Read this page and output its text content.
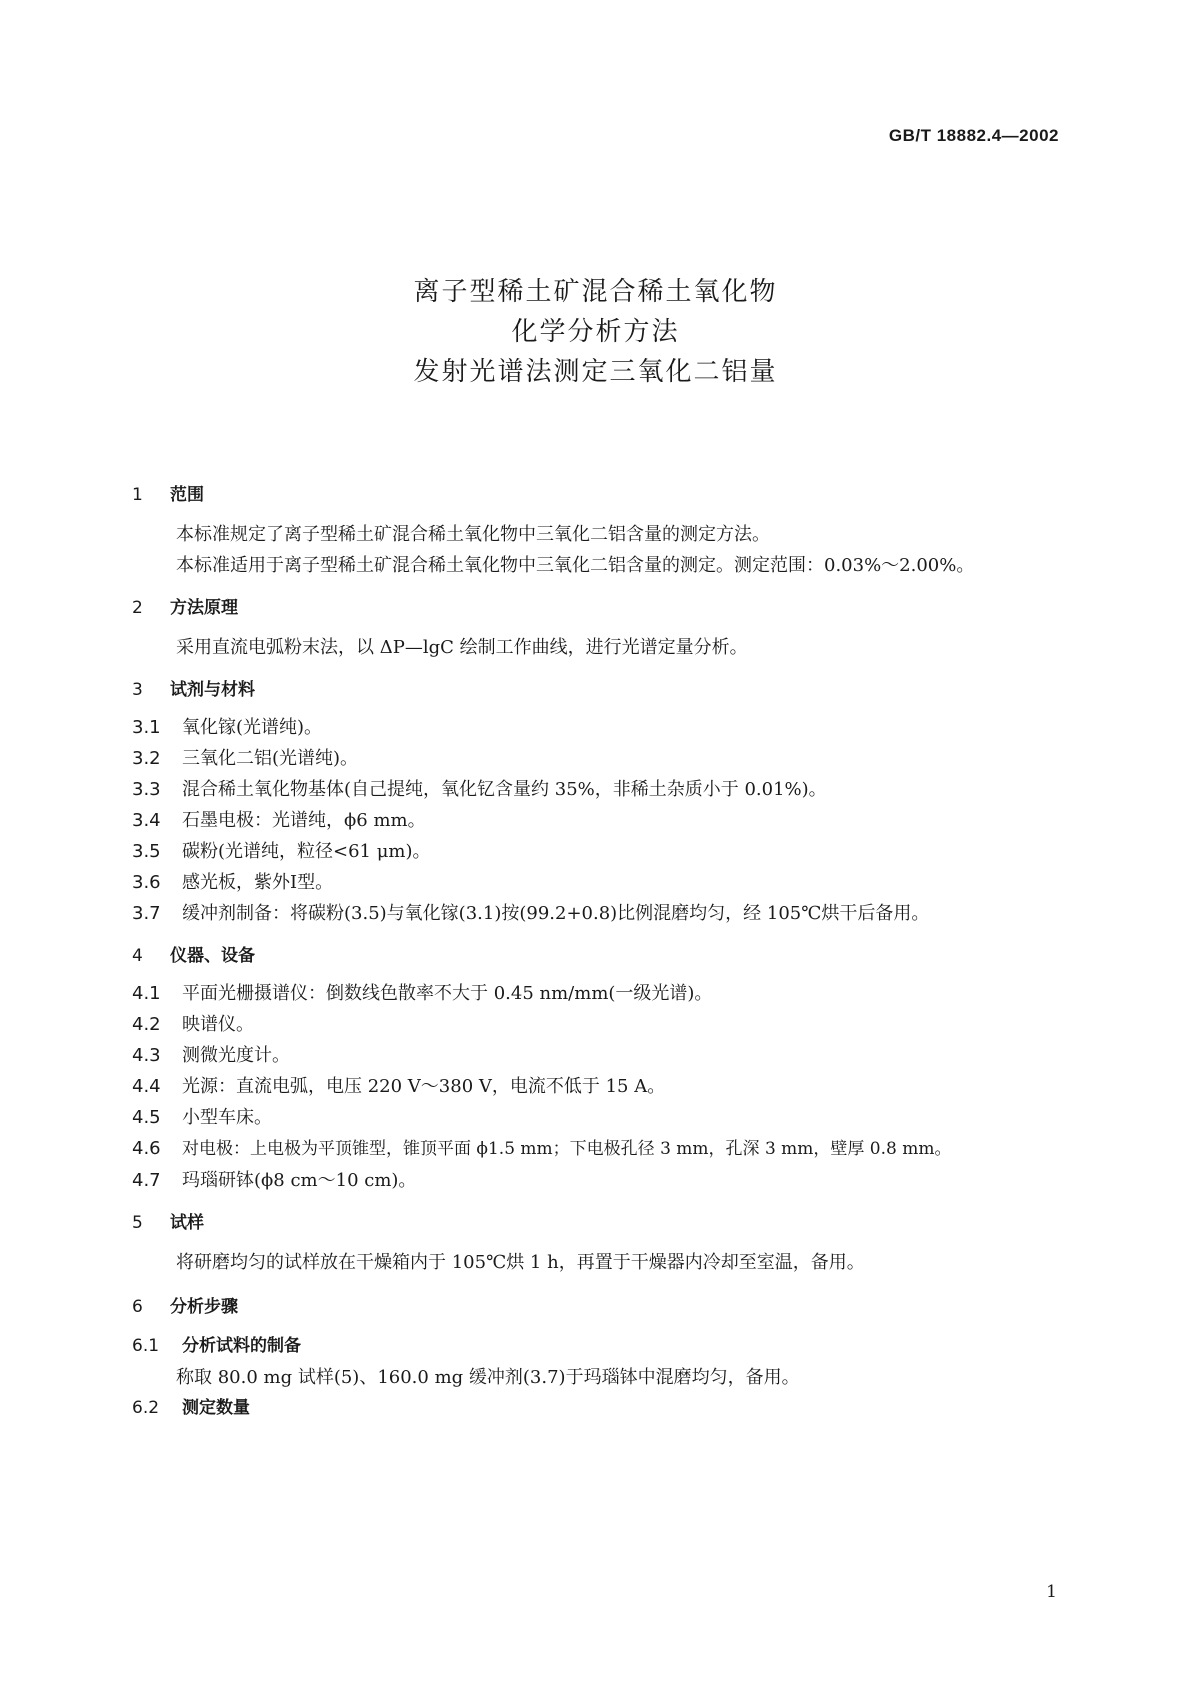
GB/T 18882.4—2002
离子型稀土矿混合稀土氧化物
化学分析方法
发射光谱法测定三氧化二铝量
1 范围

本标准规定了离子型稀土矿混合稀土氧化物中三氧化二铝含量的测定方法。

本标准适用于离子型稀土矿混合稀土氧化物中三氧化二铝含量的测定。测定范围：0.03%～2.00%。

2 方法原理

采用直流电弧粉末法，以 ΔP—lgC 绘制工作曲线，进行光谱定量分析。

3 试剂与材料

3.1 氧化镓(光谱纯)。

3.2 三氧化二铝(光谱纯)。

3.3 混合稀土氧化物基体(自己提纯，氧化钇含量约 35%，非稀土杂质小于 0.01%)。

3.4 石墨电极：光谱纯，ϕ6 mm。

3.5 碳粉(光谱纯，粒径<61 μm)。

3.6 感光板，紫外Ⅰ型。

3.7 缓冲剂制备：将碳粉(3.5)与氧化镓(3.1)按(99.2+0.8)比例混磨均匀，经 105℃烘干后备用。

4 仪器、设备

4.1 平面光栅摄谱仪：倒数线色散率不大于 0.45 nm/mm(一级光谱)。

4.2 映谱仪。

4.3 测微光度计。

4.4 光源：直流电弧，电压 220 V～380 V，电流不低于 15 A。

4.5 小型车床。

4.6 对电极：上电极为平顶锥型，锥顶平面 ϕ1.5 mm；下电极孔径 3 mm，孔深 3 mm，壁厚 0.8 mm。

4.7 玛瑙研钵(ϕ8 cm～10 cm)。

5 试样

将研磨均匀的试样放在干燥箱内于 105℃烘 1 h，再置于干燥器内冷却至室温，备用。

6 分析步骤
6.1 分析试料的制备

称取 80.0 mg 试样(5)、160.0 mg 缓冲剂(3.7)于玛瑙钵中混磨均匀，备用。

6.2 测定数量
1
